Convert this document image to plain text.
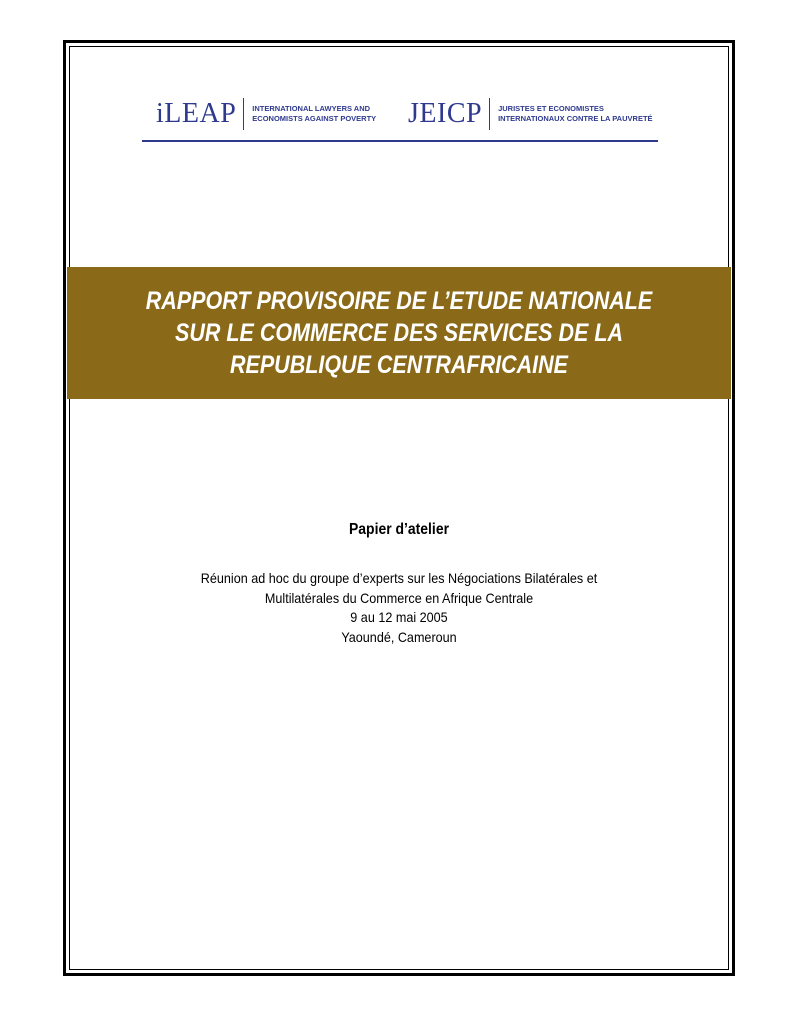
iLEAP INTERNATIONAL LAWYERS AND
ECONOMISTS AGAINST POVERTY JEICP JURISTES ET ECONOMISTES
INTERNATIONAUX CONTRE LA PAUVRETÉ
RAPPORT PROVISOIRE DE L’ETUDE NATIONALE
SUR LE COMMERCE DES SERVICES DE LA
REPUBLIQUE CENTRAFRICAINE

Papier d’atelier

Réunion ad hoc du groupe d’experts sur les Négociations Bilatérales et
Multilatérales du Commerce en Afrique Centrale
9 au 12 mai 2005
Yaoundé, Cameroun
